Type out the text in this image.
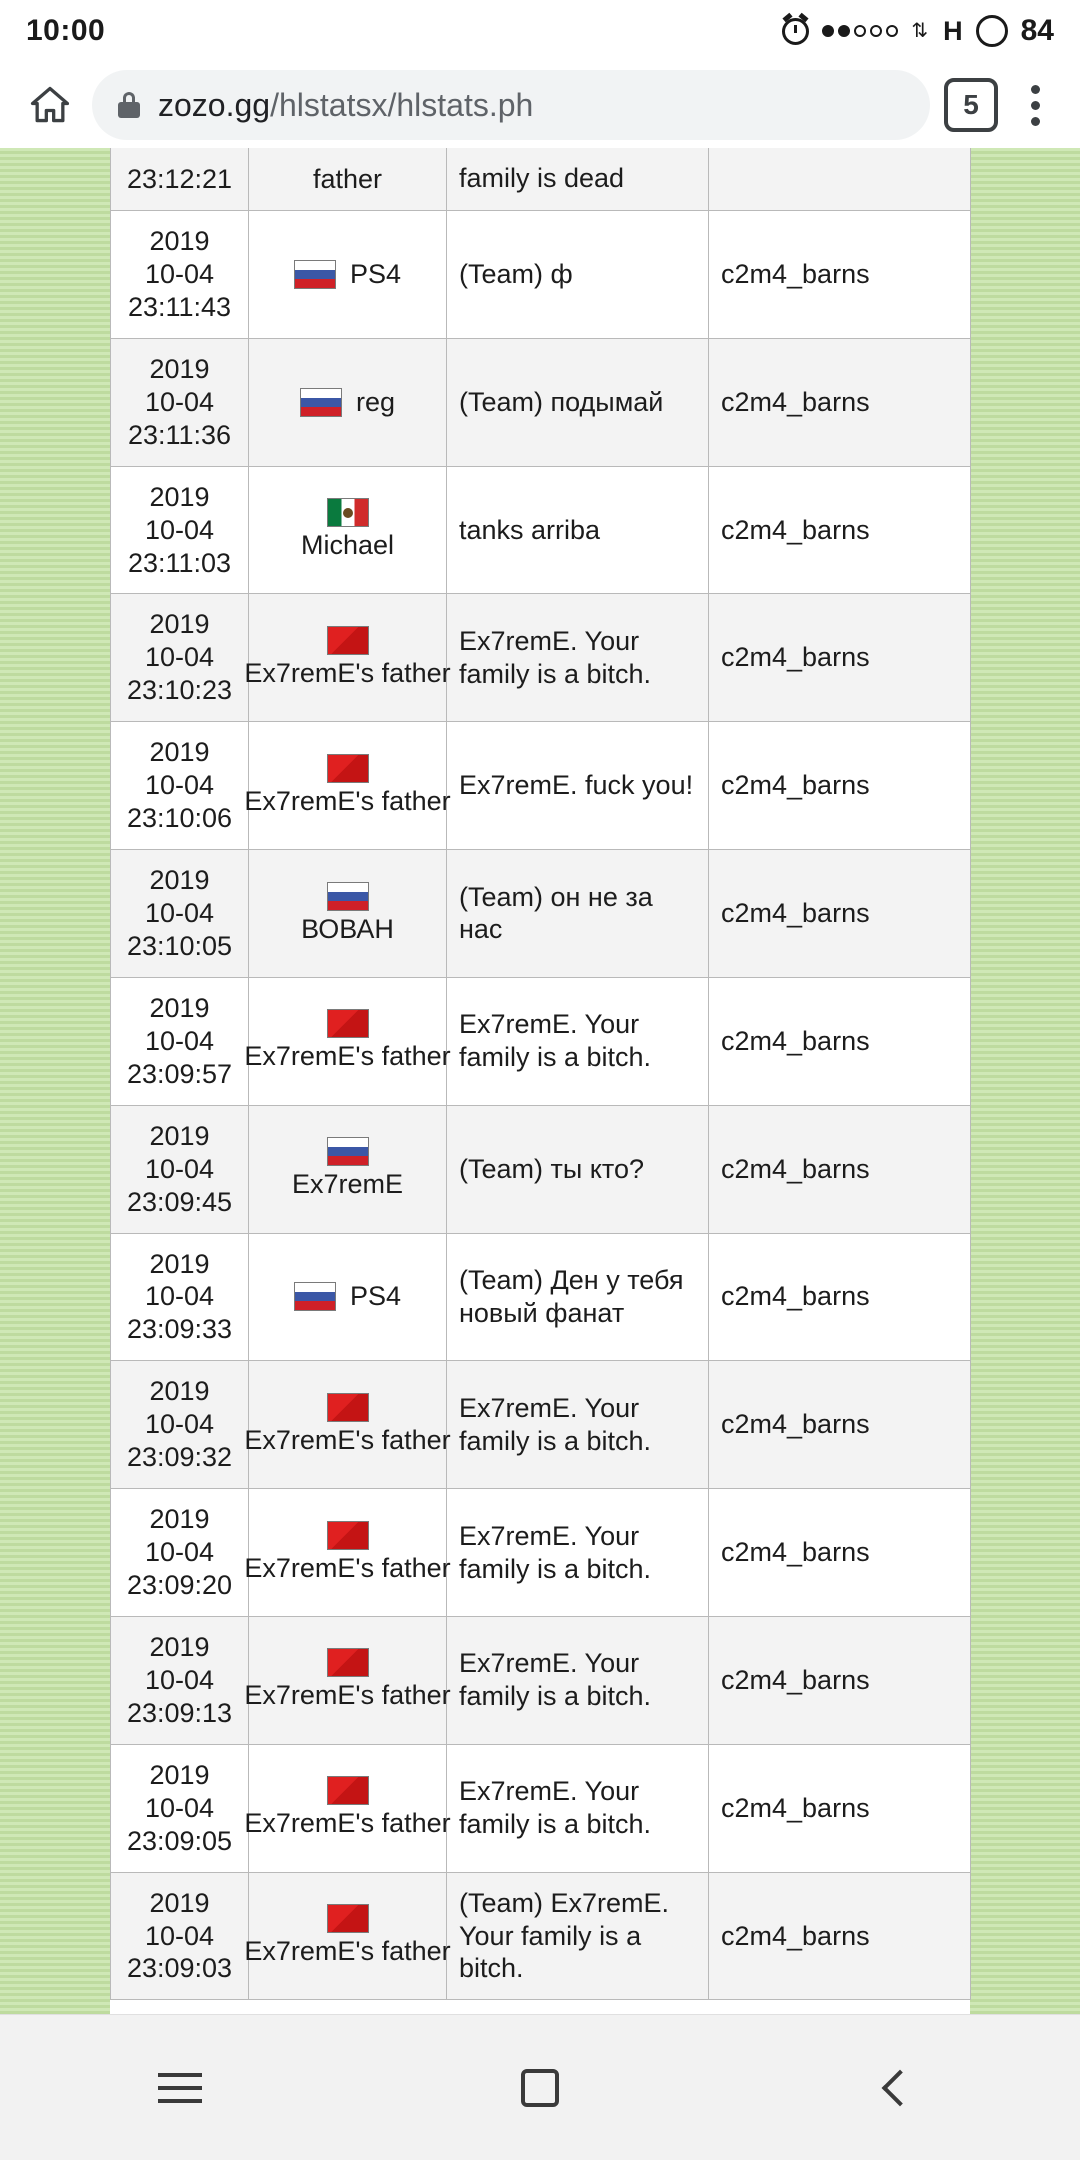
10:00	⇅ H 84
zozo.gg/hlstatsx/hlstats.ph	5
23:12:21	father	family is dead	

2019
10-04
23:11:43	PS4	(Team) ф	c2m4_barns

2019
10-04
23:11:36	reg	(Team) подымай	c2m4_barns

2019
10-04
23:11:03	Michael	tanks arriba	c2m4_barns

2019
10-04
23:10:23	Ex7remE's father	Ex7remE. Your family is a bitch.	c2m4_barns

2019
10-04
23:10:06	Ex7remE's father	Ex7remE. fuck you!	c2m4_barns

2019
10-04
23:10:05	ВОВАН	(Team) он не за нас	c2m4_barns

2019
10-04
23:09:57	Ex7remE's father	Ex7remE. Your family is a bitch.	c2m4_barns

2019
10-04
23:09:45	Ex7remE	(Team) ты кто?	c2m4_barns

2019
10-04
23:09:33	PS4	(Team) Ден у тебя новый фанат	c2m4_barns

2019
10-04
23:09:32	Ex7remE's father	Ex7remE. Your family is a bitch.	c2m4_barns

2019
10-04
23:09:20	Ex7remE's father	Ex7remE. Your family is a bitch.	c2m4_barns

2019
10-04
23:09:13	Ex7remE's father	Ex7remE. Your family is a bitch.	c2m4_barns

2019
10-04
23:09:05	Ex7remE's father	Ex7remE. Your family is a bitch.	c2m4_barns

2019
10-04
23:09:03	Ex7remE's father	(Team) Ex7remE. Your family is a bitch.	c2m4_barns
